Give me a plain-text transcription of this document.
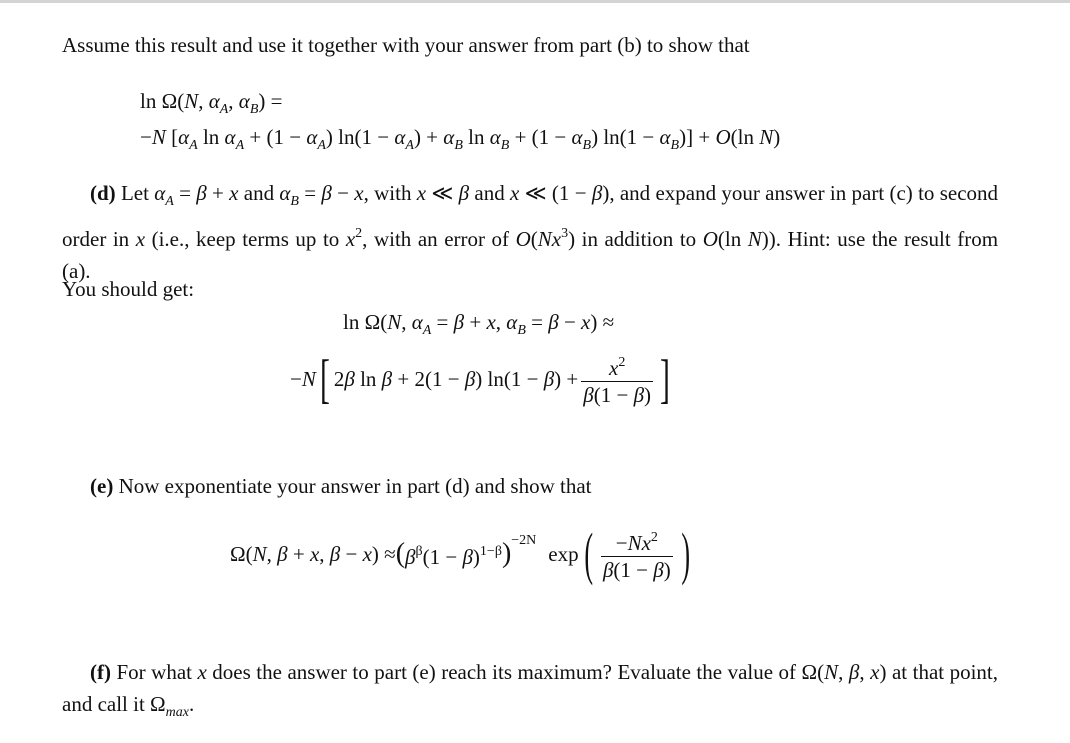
Assume this result and use it together with your answer from part (b) to show that
ln Ω(N, $\alpha_A$, $\alpha_B$) =
−N [$\alpha_A$ $\ln \alpha_A + (1 - \alpha_A) \ln(1 - \alpha_A) + \alpha_B$ $\ln \alpha_B + (1 - \alpha_B) \ln(1 - \alpha_B)] + O(\ln$ N)
(d) Let $\alpha_A = \beta + x$ and $\alpha_B = \beta - x$, with x ≪ β and x ≪ (1 − β), and expand your answer in part (c) to second order in x (i.e., keep terms up to $x^2$, with an error of O(Nx$^3$) in addition to O(ln N)). Hint: use the result from (a).
You should get:
ln Ω(N, $\alpha_A = \beta + x$, $\alpha_B = \beta - x$) ≈
−N [ 2β ln β + 2(1 − β) $\ln(1 - \beta) + \frac{x^2}{\beta(1 - \beta)}$ ]
(e) Now exponentiate your answer in part (d) and show that
Ω(N, β + x, β − x) ≈ ( $\beta^\beta(1 - \beta)^{1-\beta}$ ) $^{-2N}$
exp ( $\frac{-Nx^2}{\beta(1 - \beta)}$ )
(f) For what x does the answer to part (e) reach its maximum? Evaluate the value of Ω(N, β, x) at that point, and call it $\Omega_{max}$.
